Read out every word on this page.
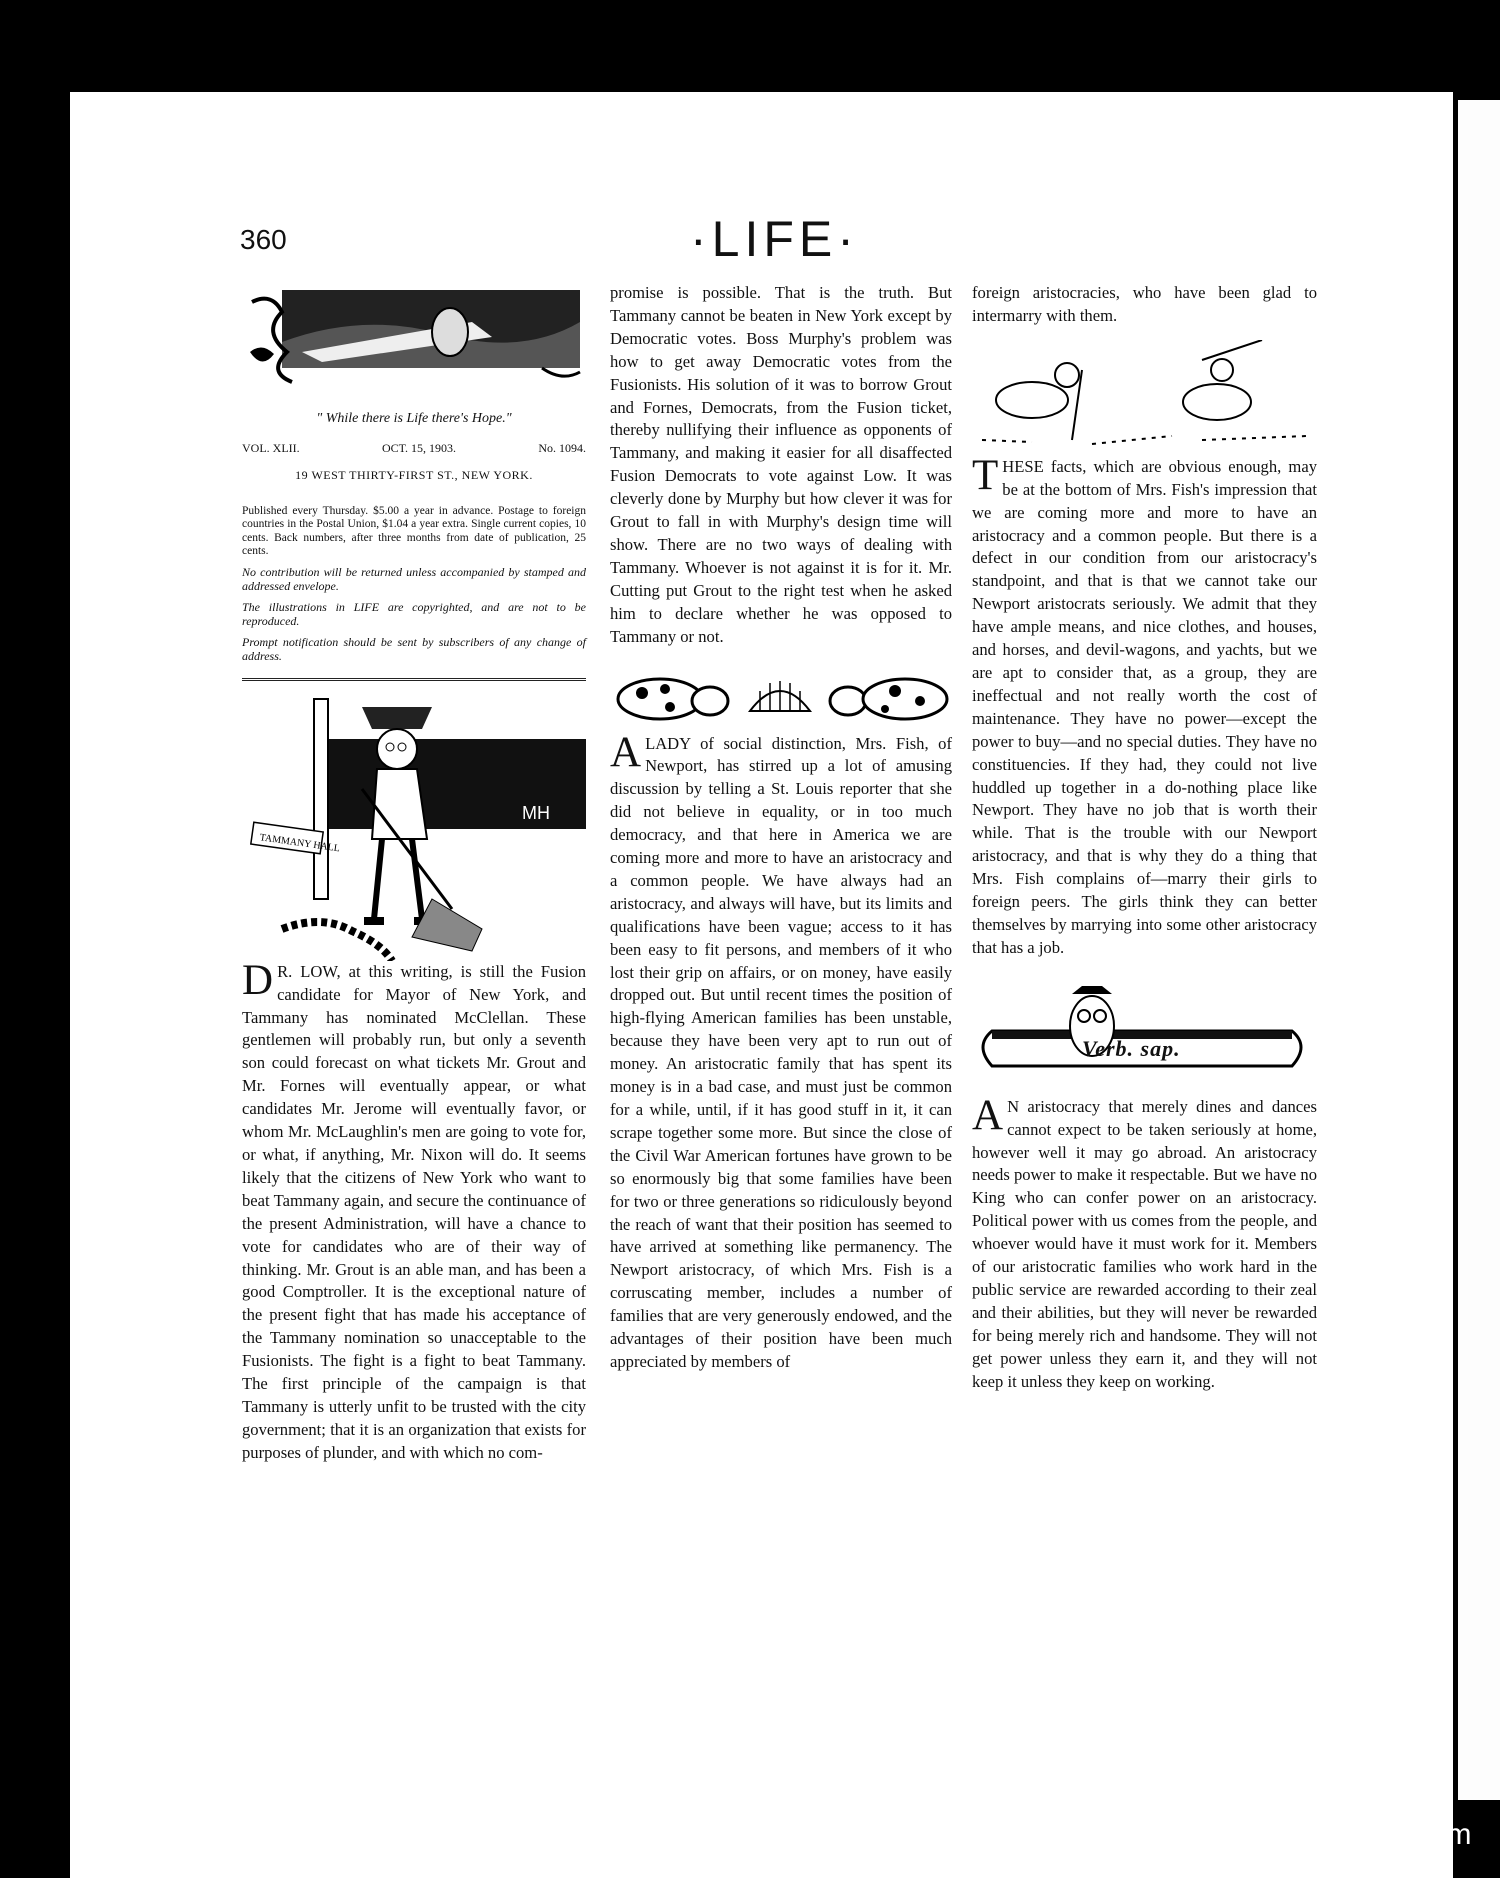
360	·LIFE·
" While there is Life there's Hope."
VOL. XLII.	OCT. 15, 1903.	No. 1094.
19 WEST THIRTY-FIRST ST., NEW YORK.
Published every Thursday. $5.00 a year in advance. Postage to foreign countries in the Postal Union, $1.04 a year extra. Single current copies, 10 cents. Back numbers, after three months from date of publication, 25 cents.
No contribution will be returned unless accompanied by stamped and addressed envelope.
The illustrations in LIFE are copyrighted, and are not to be reproduced.
Prompt notification should be sent by subscribers of any change of address.
TAMMANY HALL
MH

D R. LOW, at this writing, is still the Fusion candidate for Mayor of New York, and Tammany has nominated McClellan. These gentlemen will probably run, but only a seventh son could forecast on what tickets Mr. Grout and Mr. Fornes will eventually appear, or what candidates Mr. Jerome will eventually favor, or whom Mr. McLaughlin's men are going to vote for, or what, if anything, Mr. Nixon will do. It seems likely that the citizens of New York who want to beat Tammany again, and secure the continuance of the present Administration, will have a chance to vote for candidates who are of their way of thinking. Mr. Grout is an able man, and has been a good Comptroller. It is the exceptional nature of the present fight that has made his acceptance of the Tammany nomination so unacceptable to the Fusionists. The fight is a fight to beat Tammany. The first principle of the campaign is that Tammany is utterly unfit to be trusted with the city government; that it is an organization that exists for purposes of plunder, and with which no com-

promise is possible. That is the truth. But Tammany cannot be beaten in New York except by Democratic votes. Boss Murphy's problem was how to get away Democratic votes from the Fusionists. His solution of it was to borrow Grout and Fornes, Democrats, from the Fusion ticket, thereby nullifying their influence as opponents of Tammany, and making it easier for all disaffected Fusion Democrats to vote against Low. It was cleverly done by Murphy but how clever it was for Grout to fall in with Murphy's design time will show. There are no two ways of dealing with Tammany. Whoever is not against it is for it. Mr. Cutting put Grout to the right test when he asked him to declare whether he was opposed to Tammany or not.

ALADY of social distinction, Mrs. Fish, of Newport, has stirred up a lot of amusing discussion by telling a St. Louis reporter that she did not believe in equality, or in too much democracy, and that here in America we are coming more and more to have an aristocracy and a common people. We have always had an aristocracy, and always will have, but its limits and qualifications have been vague; access to it has been easy to fit persons, and members of it who lost their grip on affairs, or on money, have easily dropped out. But until recent times the position of high-flying American families has been unstable, because they have been very apt to run out of money. An aristocratic family that has spent its money is in a bad case, and must just be common for a while, until, if it has good stuff in it, it can scrape together some more. But since the close of the Civil War American fortunes have grown to be so enormously big that some families have been for two or three generations so ridiculously beyond the reach of want that their position has seemed to have arrived at something like permanency. The Newport aristocracy, of which Mrs. Fish is a corruscating member, includes a number of families that are very generously endowed, and the advantages of their position have been much appreciated by members of

foreign aristocracies, who have been glad to intermarry with them.

THESE facts, which are obvious enough, may be at the bottom of Mrs. Fish's impression that we are coming more and more to have an aristocracy and a common people. But there is a defect in our condition from our aristocracy's standpoint, and that is that we cannot take our Newport aristocrats seriously. We admit that they have ample means, and nice clothes, and houses, and horses, and devil-wagons, and yachts, but we are apt to consider that, as a group, they are ineffectual and not really worth the cost of maintenance. They have no power—except the power to buy—and no special duties. They have no constituencies. If they had, they could not live huddled up together in a do-nothing place like Newport. They have no job that is worth their while. That is the trouble with our Newport aristocracy, and that is why they do a thing that Mrs. Fish complains of—marry their girls to foreign peers. The girls think they can better themselves by marrying into some other aristocracy that has a job.

Verb. sap.

A N aristocracy that merely dines and dances cannot expect to be taken seriously at home, however well it may go abroad. An aristocracy needs power to make it respectable. But we have no King who can confer power on an aristocracy. Political power with us comes from the people, and whoever would have it must work for it. Members of our aristocratic families who work hard in the public service are rewarded according to their zeal and their abilities, but they will never be rewarded for being merely rich and handsome. They will not get power unless they earn it, and they will not keep it unless they keep on working.

comicbooks.com
